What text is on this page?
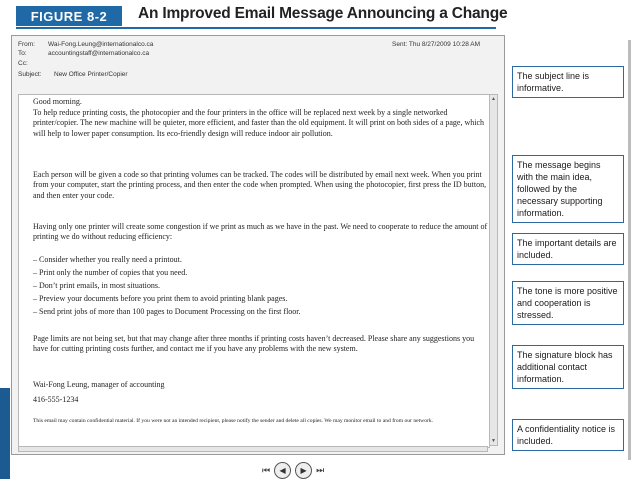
FIGURE 8-2	An Improved Email Message Announcing a Change
From: Wai-Fong.Leung@internationalco.ca	Sent: Thu 8/27/2009 10:28 AM
To:	accountingstaff@internationalco.ca
Cc:
Subject: New Office Printer/Copier

Good morning.

To help reduce printing costs, the photocopier and the four printers in the office will be replaced next week by a single networked printer/copier. The new machine will be quieter, more efficient, and faster than the old equipment. It will print on both sides of a page, which will help to lower paper consumption. Its eco-friendly design will reduce indoor air pollution.

Each person will be given a code so that printing volumes can be tracked. The codes will be distributed by email next week. When you print from your computer, start the printing process, and then enter the code when prompted. When using the photocopier, first press the ID button, and then enter your code.

Having only one printer will create some congestion if we print as much as we have in the past. We need to cooperate to reduce the amount of printing we do without reducing efficiency:

– Consider whether you really need a printout.

– Print only the number of copies that you need.

– Don’t print emails, in most situations.

– Preview your documents before you print them to avoid printing blank pages.

– Send print jobs of more than 100 pages to Document Processing on the first floor.

Page limits are not being set, but that may change after three months if printing costs haven’t decreased. Please share any suggestions you have for cutting printing costs further, and contact me if you have any problems with the new system.

Wai-Fong Leung, manager of accounting

416-555-1234

This email may contain confidential material. If you were not an intended recipient, please notify the sender and delete all copies. We may monitor email to and from our network.

▲
▼
The subject line is informative.
The message begins with the main idea, followed by the necessary supporting information.
The important details are included.
The tone is more positive and cooperation is stressed.
The signature block has additional contact information.
A confidentiality notice is included.
⏮	◀	▶	⏭
